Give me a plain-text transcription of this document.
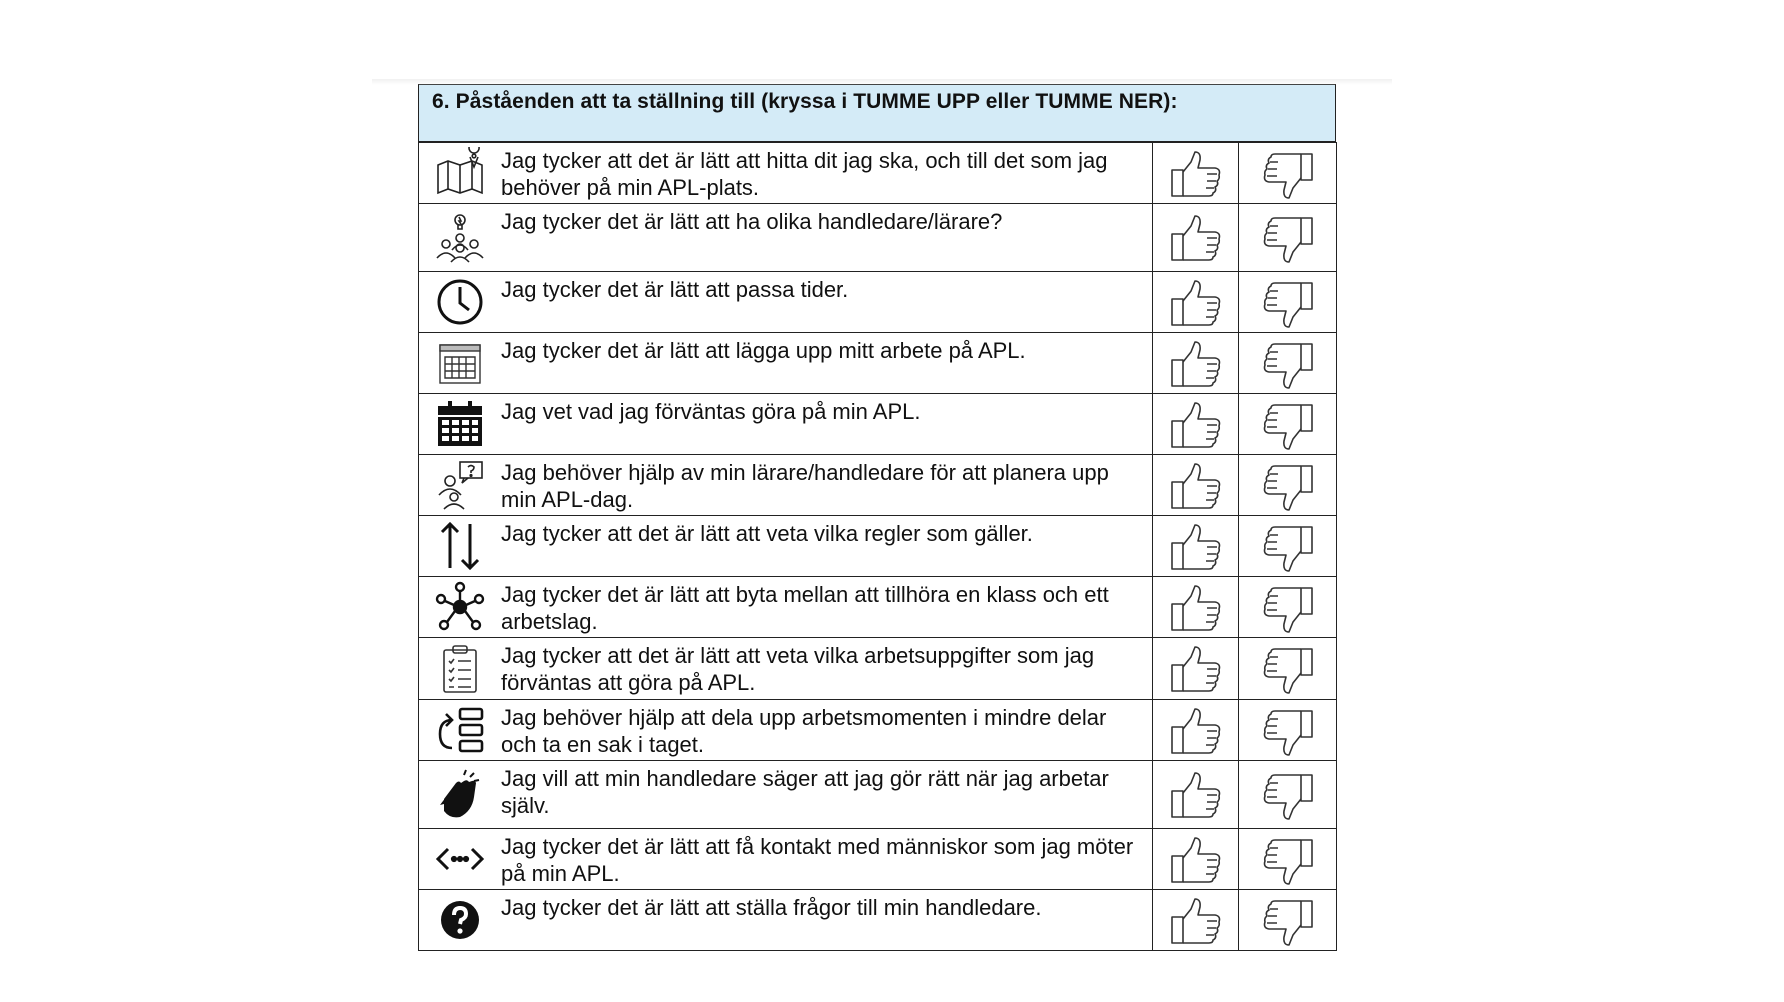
6. Påståenden att ta ställning till (kryssa i TUMME UPP eller TUMME NER):
Jag tycker att det är lätt att hitta dit jag ska, och till det som jag behöver på min APL-plats.

Jag tycker det är lätt att ha olika handledare/lärare?

Jag tycker det är lätt att passa tider.

Jag tycker det är lätt att lägga upp mitt arbete på APL.

Jag vet vad jag förväntas göra på min APL.

Jag behöver hjälp av min lärare/handledare för att planera upp min APL-dag.

Jag tycker att det är lätt att veta vilka regler som gäller.

Jag tycker det är lätt att byta mellan att tillhöra en klass och ett arbetslag.

Jag tycker att det är lätt att veta vilka arbetsuppgifter som jag förväntas att göra på APL.

Jag behöver hjälp att dela upp arbetsmomenten i mindre delar och ta en sak i taget.

Jag vill att min handledare säger att jag gör rätt när jag arbetar själv.

Jag tycker det är lätt att få kontakt med människor som jag möter på min APL.

Jag tycker det är lätt att ställa frågor till min handledare.
